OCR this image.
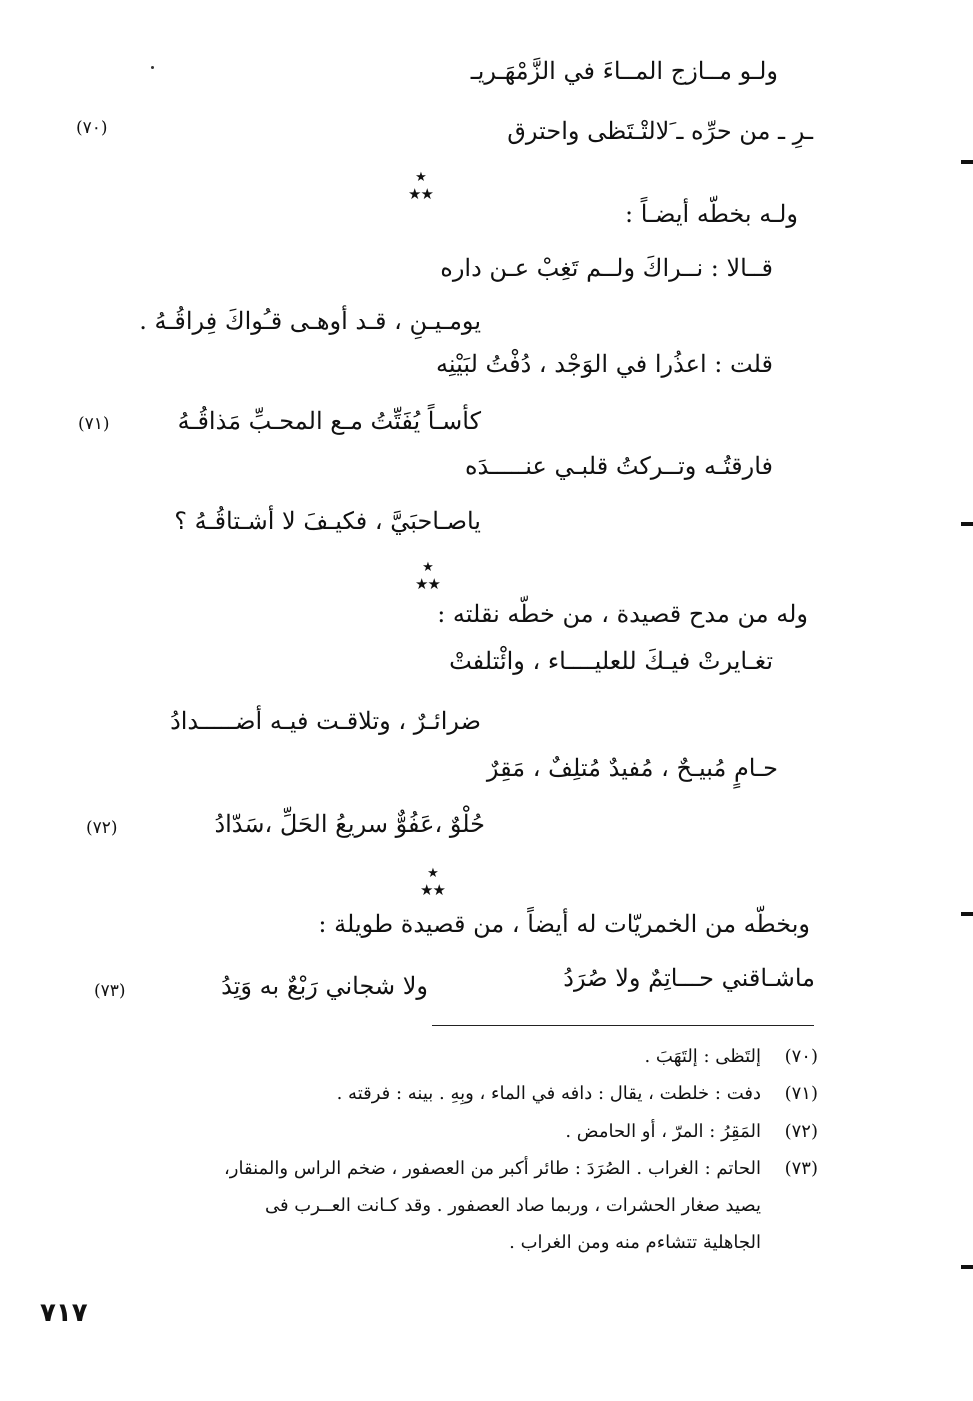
ولـو مــازج المــاءَ في الزَّمْهَـريـ
ـرِ ـ من حرِّه ـ َلالتْـتَظى واحترق
(٧٠)
★
★★
ولـه بخطّه أيضـاً :
قــالا : نــراكَ ولــم تَغِبْ عـن داره
يومـيـنِ ، قـد أوهـى قـُواكَ فِراقُـهُ .
قلت : اعذُرا في الوَجْد ، دُفْتُ لبَيْنِه
كأسـاً يُفَتِّتُ مـع المحـبِّ مَذاقُـهُ
(٧١)
فارقتُـه وتــركتُ قلبـي عنـــــدَه
ياصـاحبَيَّ ، فكيـفَ لا أشـتاقُـهُ ؟
★
★★
وله من مدح قصيدة ، من خطّه نقلته :
تغـايرتْ فيـكَ للعليــــاء ، وائْتلفتْ
ضرائـرٌ ، وتلاقـت فيـه أضـــــدادُ
حـامٍ مُبيـحٌ ، مُفيدٌ مُتلِفٌ ، مَقِرٌ
حُلْوٌ ،عَفُوٌّ سريعُ الحَلِّ ،سَدّادُ
(٧٢)
★
★★
وبخطّه من الخمريّات له أيضاً ، من قصيدة طويلة :
ماشـاقني حـــاتِمٌ ولا صُرَدُ
ولا شجاني رَبْعٌ به وَتِدُ
(٧٣)
(٧٠)
إلتَظى : إلتَهَبَ .
(٧١)
دفت : خلطت ، يقال : دافه في الماء ، وبِهِ . بينه : فرقته .
(٧٢)
المَقِرُ : المرّ ، أو الحامض .
(٧٣)
الحاتم : الغراب . الصُرَدَ : طائر أكبر من العصفور ، ضخم الراس والمنقار،
يصيد صغار الحشرات ، وربما صاد العصفور . وقد كـانت العــرب فى
الجاهلية تتشاءم منه ومن الغراب .
٧١٧
